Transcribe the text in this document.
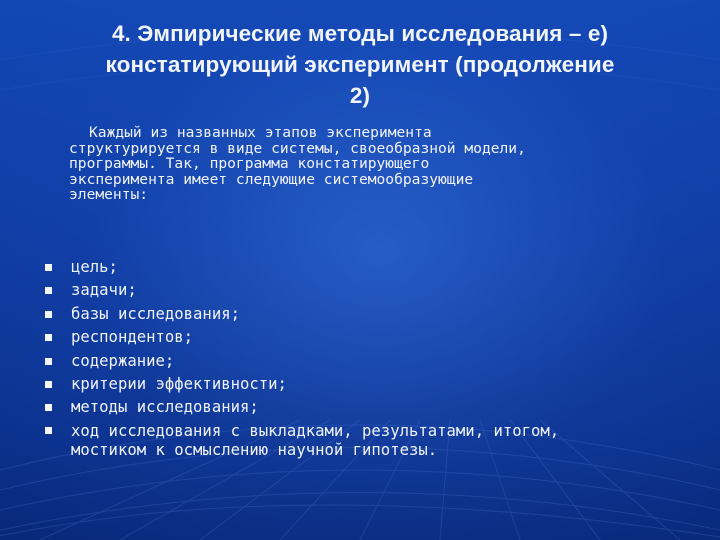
4. Эмпирические методы исследования – е)
констатирующий эксперимент (продолжение
2)
Каждый из названных этапов эксперимента
структурируется в виде системы, своеобразной модели,
программы. Так, программа констатирующего
эксперимента имеет следующие системообразующие
элементы:
цель;
задачи;
базы исследования;
респондентов;
содержание;
критерии эффективности;
методы исследования;
ход исследования с выкладками, результатами, итогом,
мостиком к осмыслению научной гипотезы.
